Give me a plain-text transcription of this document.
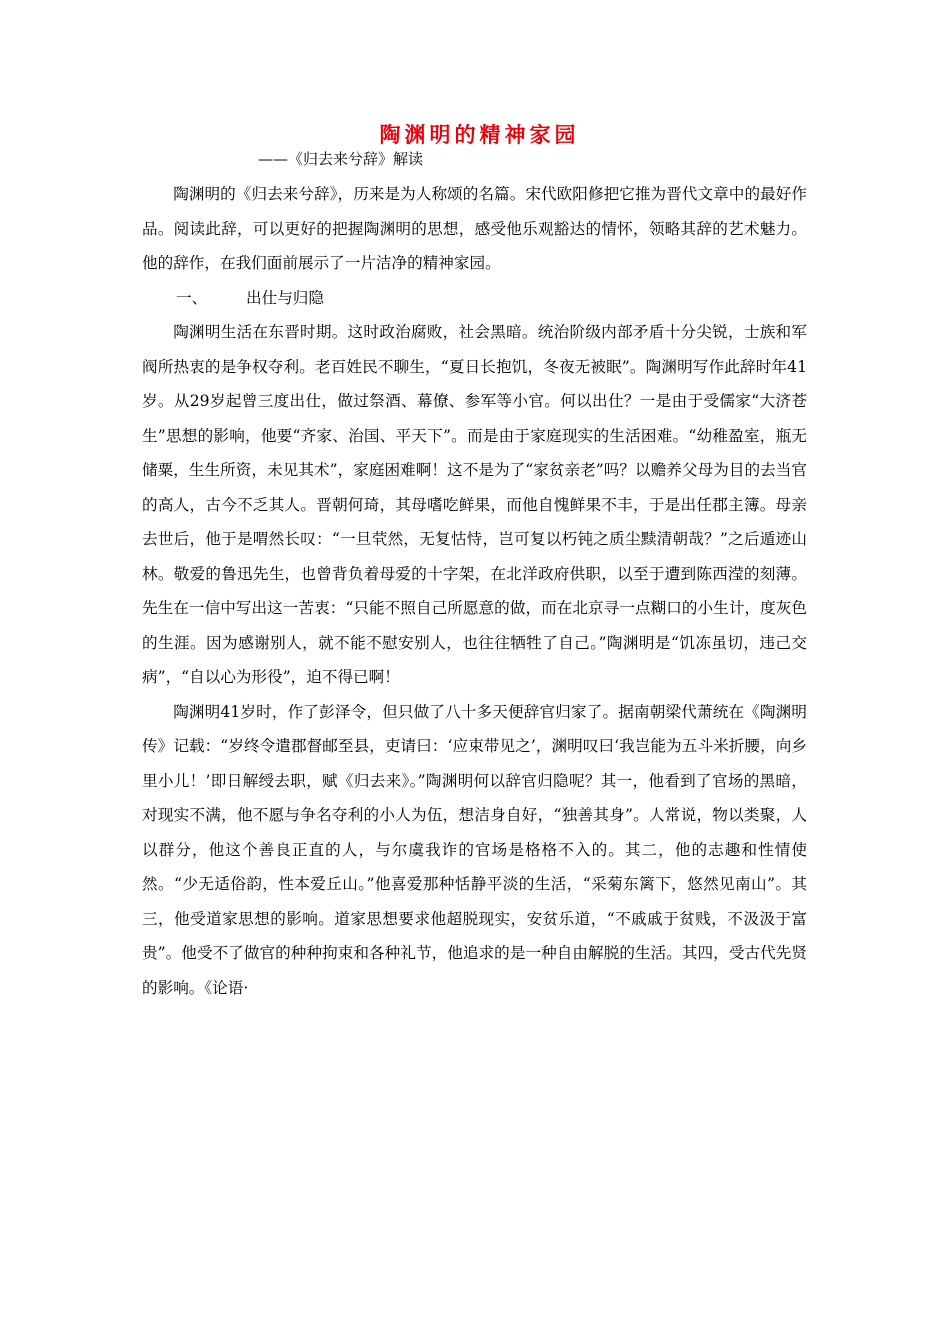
陶渊明的精神家园
——《归去来兮辞》解读

陶渊明的《归去来兮辞》，历来是为人称颂的名篇。宋代欧阳修把它推为晋代文章中的最好作品。阅读此辞，可以更好的把握陶渊明的思想，感受他乐观豁达的情怀，领略其辞的艺术魅力。他的辞作，在我们面前展示了一片洁净的精神家园。

一、 出仕与归隐

陶渊明生活在东晋时期。这时政治腐败，社会黑暗。统治阶级内部矛盾十分尖锐，士族和军阀所热衷的是争权夺利。老百姓民不聊生，“夏日长抱饥，冬夜无被眠”。陶渊明写作此辞时年41岁。从29岁起曾三度出仕，做过祭酒、幕僚、参军等小官。何以出仕？一是由于受儒家“大济苍生”思想的影响，他要“齐家、治国、平天下”。而是由于家庭现实的生活困难。“幼稚盈室，瓶无储粟，生生所资，未见其术”，家庭困难啊！这不是为了“家贫亲老”吗？以赡养父母为目的去当官的高人，古今不乏其人。晋朝何琦，其母嗜吃鲜果，而他自愧鲜果不丰，于是出任郡主簿。母亲去世后，他于是喟然长叹：“一旦茕然，无复怙恃，岂可复以朽钝之质尘黩清朝哉？”之后遁迹山林。敬爱的鲁迅先生，也曾背负着母爱的十字架，在北洋政府供职，以至于遭到陈西滢的刻薄。先生在一信中写出这一苦衷：“只能不照自己所愿意的做，而在北京寻一点糊口的小生计，度灰色的生涯。因为感谢别人，就不能不慰安别人，也往往牺牲了自己。”陶渊明是“饥冻虽切，违己交病”，“自以心为形役”，迫不得已啊！

陶渊明41岁时，作了彭泽令，但只做了八十多天便辞官归家了。据南朝梁代萧统在《陶渊明传》记载：“岁终令遣郡督邮至县，吏请曰：‘应束带见之’，渊明叹曰‘我岂能为五斗米折腰，向乡里小儿！’即日解绶去职，赋《归去来》。”陶渊明何以辞官归隐呢？其一，他看到了官场的黑暗，对现实不满，他不愿与争名夺利的小人为伍，想洁身自好，“独善其身”。人常说，物以类聚，人以群分，他这个善良正直的人，与尔虞我诈的官场是格格不入的。其二，他的志趣和性情使然。“少无适俗韵，性本爱丘山。”他喜爱那种恬静平淡的生活，“采菊东篱下，悠然见南山”。其三，他受道家思想的影响。道家思想要求他超脱现实，安贫乐道，“不戚戚于贫贱，不汲汲于富贵”。他受不了做官的种种拘束和各种礼节，他追求的是一种自由解脱的生活。其四，受古代先贤的影响。《论语·
